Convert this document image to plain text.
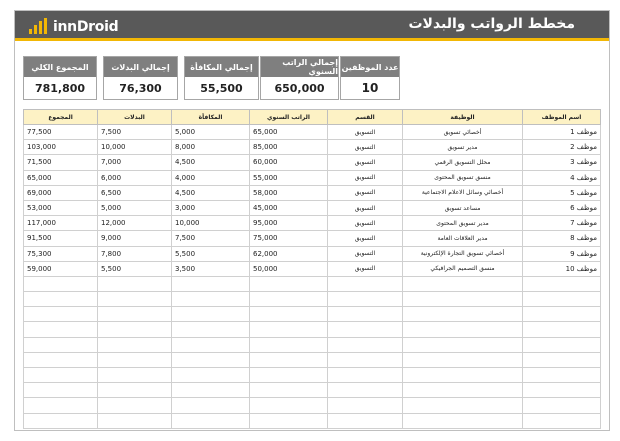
innDroid	مخطط الرواتب والبدلات
المجموع الكلي
781,800
إجمالي البدلات
76,300
إجمالي المكافأة
55,500
إجمالي الراتب السنوي
650,000
عدد الموظفين
10
اسم الموظف	الوظيفة	القسم	الراتب السنوي	المكافأة	البدلات	المجموع
موظف 1	أخصائي تسويق	التسويق	65,000	5,000	7,500	77,500
موظف 2	مدير تسويق	التسويق	85,000	8,000	10,000	103,000
موظف 3	محلل التسويق الرقمي	التسويق	60,000	4,500	7,000	71,500
موظف 4	منسق تسويق المحتوى	التسويق	55,000	4,000	6,000	65,000
موظف 5	أخصائي وسائل الاعلام الاجتماعية	التسويق	58,000	4,500	6,500	69,000
موظف 6	مساعد تسويق	التسويق	45,000	3,000	5,000	53,000
موظف 7	مدير تسويق المحتوى	التسويق	95,000	10,000	12,000	117,000
موظف 8	مدير العلاقات العامة	التسويق	75,000	7,500	9,000	91,500
موظف 9	أخصائي تسويق التجارة الإلكترونية	التسويق	62,000	5,500	7,800	75,300
موظف 10	منسق التصميم الجرافيكي	التسويق	50,000	3,500	5,500	59,000
